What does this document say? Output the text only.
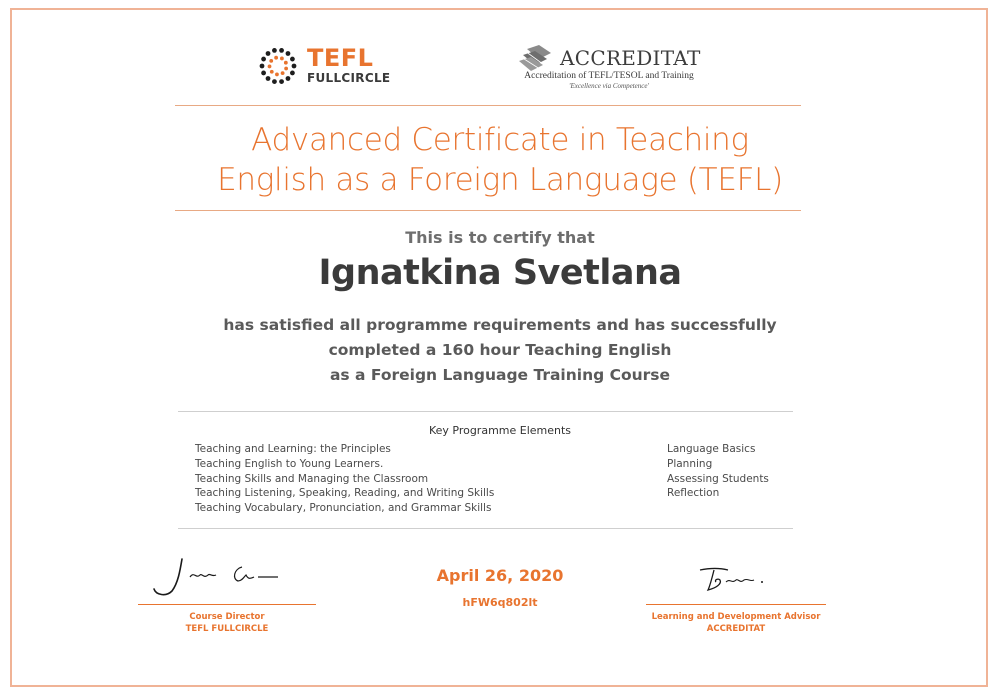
TEFL
FULLCIRCLE
ACCREDITAT
Accreditation of TEFL/TESOL and Training
'Excellence via Competence'
Advanced Certificate in Teaching
English as a Foreign Language (TEFL)
This is to certify that
Ignatkina Svetlana
has satisfied all programme requirements and has successfully
completed a 160 hour Teaching English
as a Foreign Language Training Course
Key Programme Elements
Teaching and Learning: the Principles
Teaching English to Young Learners.
Teaching Skills and Managing the Classroom
Teaching Listening, Speaking, Reading, and Writing Skills
Teaching Vocabulary, Pronunciation, and Grammar Skills
Language Basics
Planning
Assessing Students
Reflection
Course Director
TEFL FULLCIRCLE
April 26, 2020
hFW6q802lt
Learning and Development Advisor
ACCREDITAT
